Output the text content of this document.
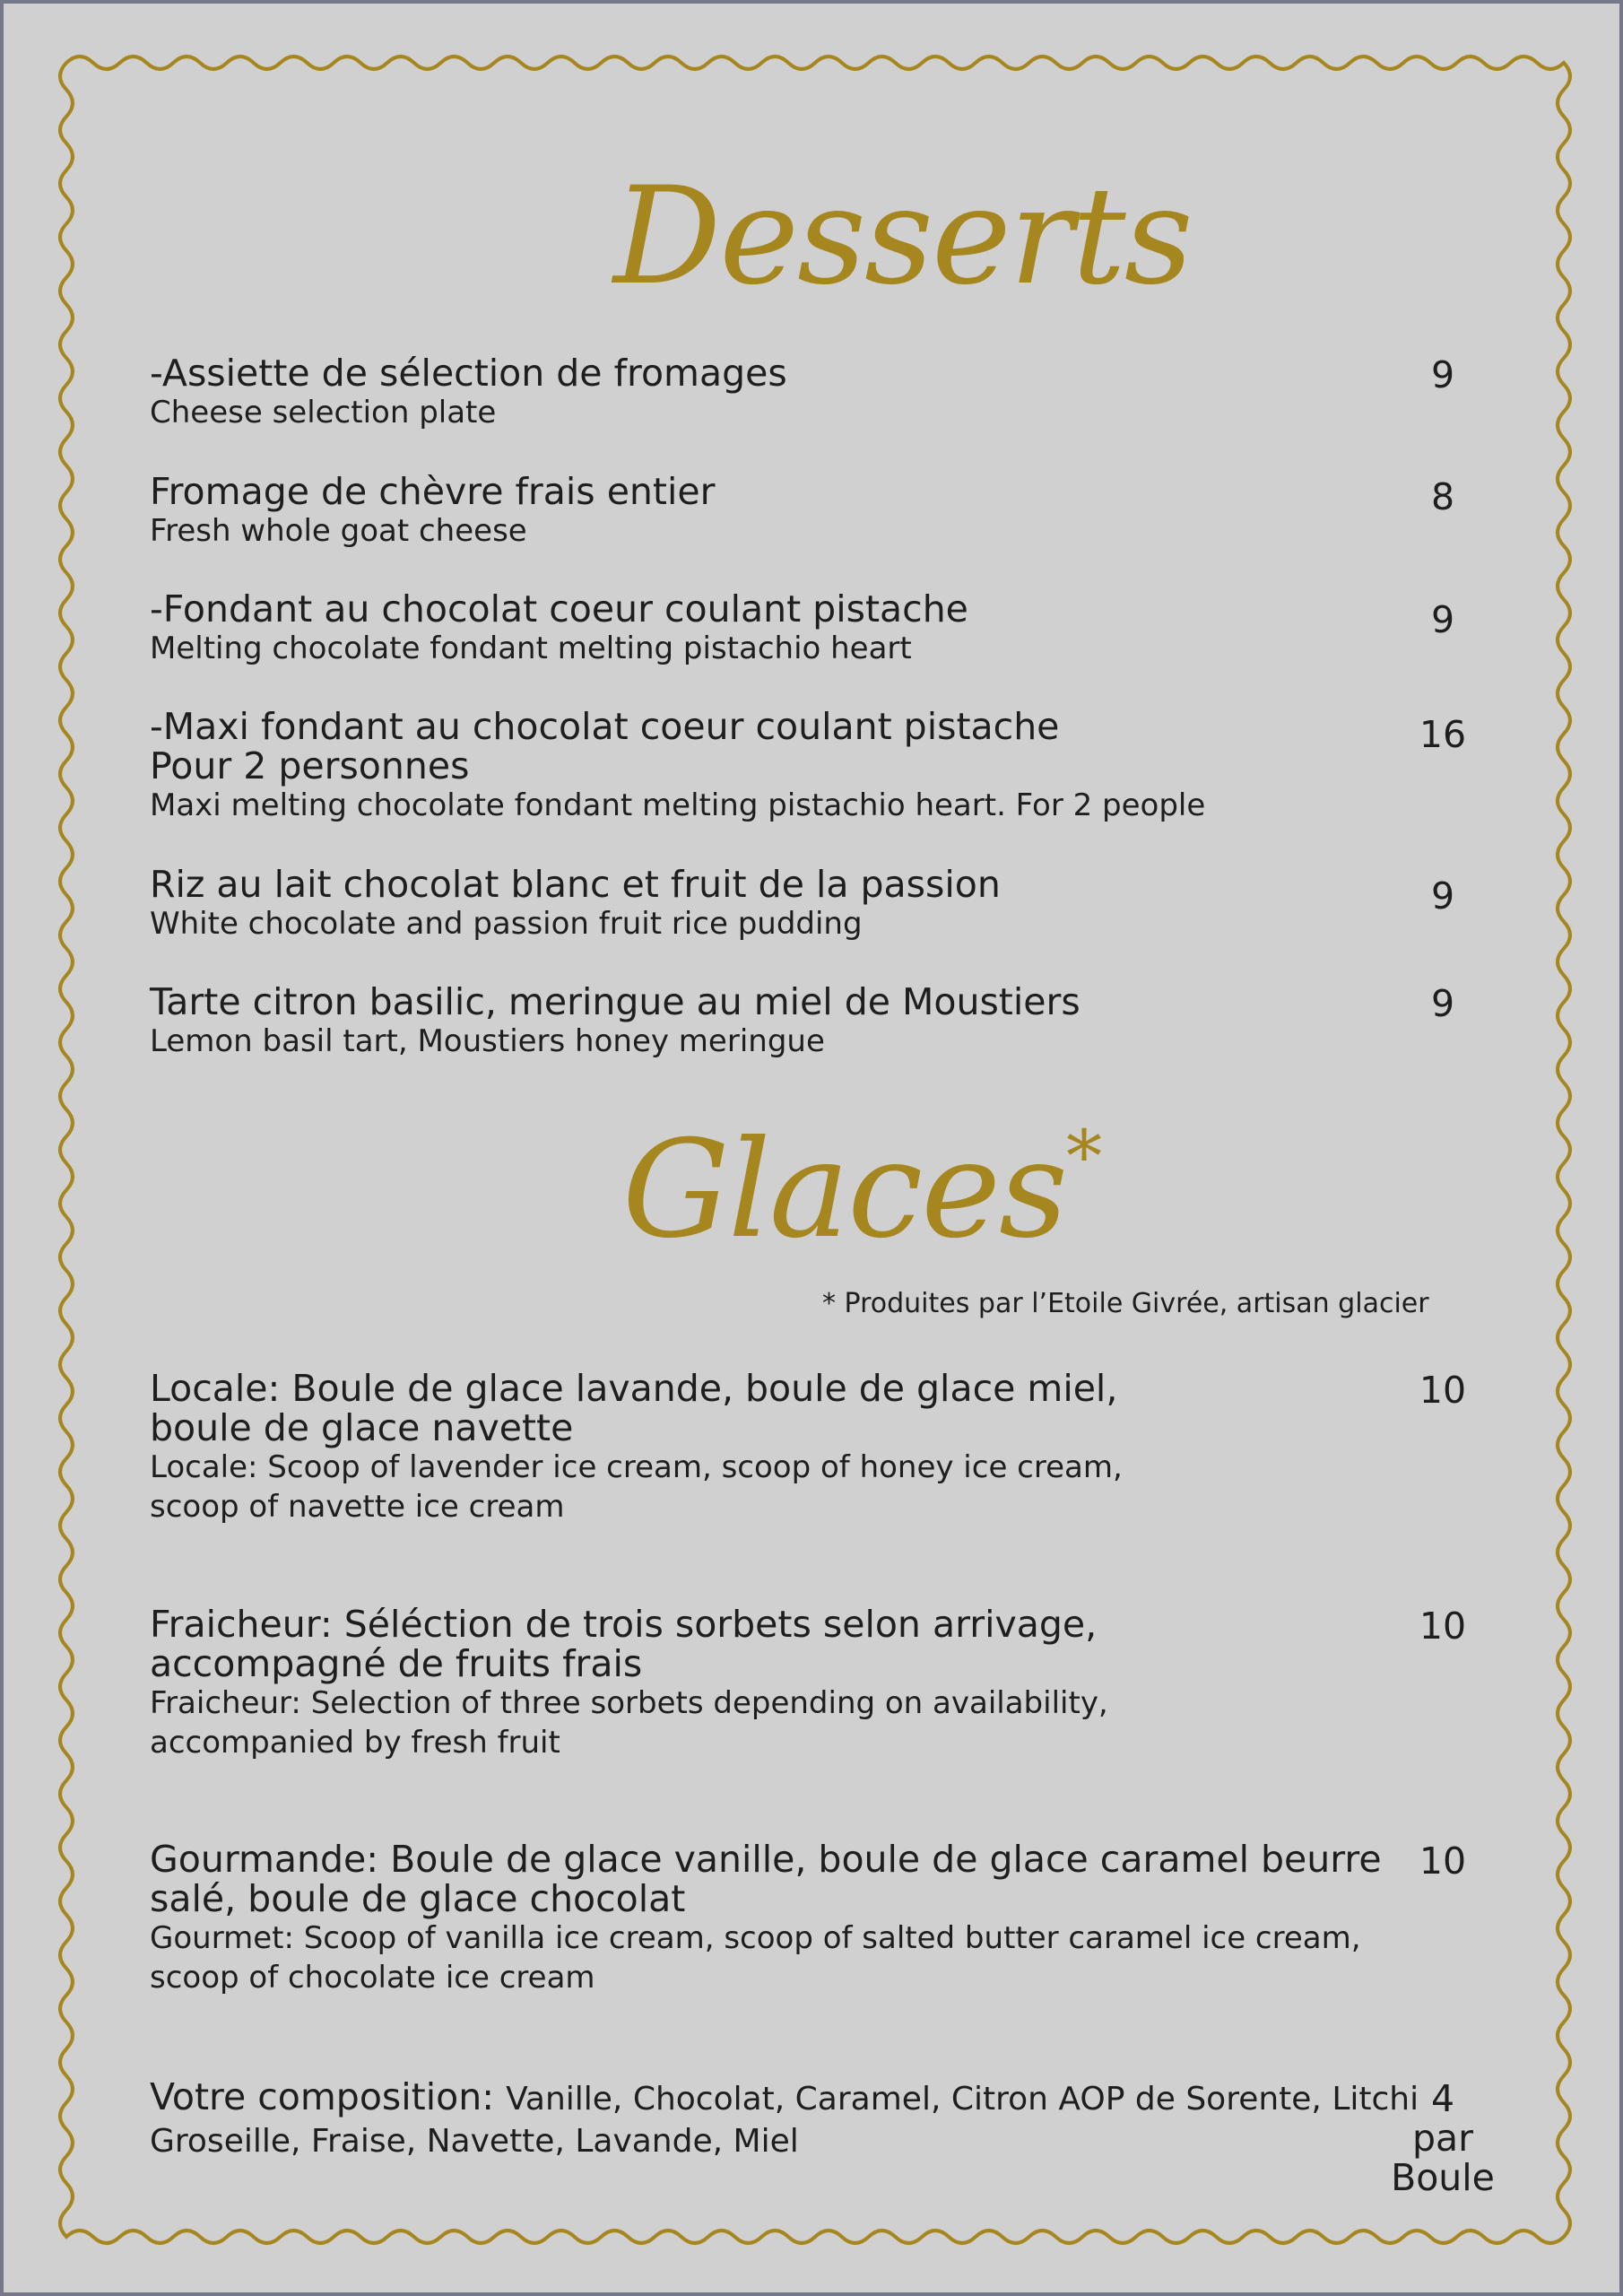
Desserts
-Assiette de sélection de fromages
Cheese selection plate
9
Fromage de chèvre frais entier
Fresh whole goat cheese
8
-Fondant au chocolat coeur coulant pistache
Melting chocolate fondant melting pistachio heart
9
-Maxi fondant au chocolat coeur coulant pistache
Pour 2 personnes
Maxi melting chocolate fondant melting pistachio heart. For 2 people
16
Riz au lait chocolat blanc et fruit de la passion
White chocolate and passion fruit rice pudding
9
Tarte citron basilic, meringue au miel de Moustiers
Lemon basil tart, Moustiers honey meringue
9
Glaces*
* Produites par l’Etoile Givrée, artisan glacier
Locale: Boule de glace lavande, boule de glace miel,
boule de glace navette
Locale: Scoop of lavender ice cream, scoop of honey ice cream,
scoop of navette ice cream
10
Fraicheur: Séléction de trois sorbets selon arrivage,
accompagné de fruits frais
Fraicheur: Selection of three sorbets depending on availability,
accompanied by fresh fruit
10
Gourmande: Boule de glace vanille, boule de glace caramel beurre
salé, boule de glace chocolat
Gourmet: Scoop of vanilla ice cream, scoop of salted butter caramel ice cream,
scoop of chocolate ice cream
10
Votre composition: Vanille, Chocolat, Caramel, Citron AOP de Sorente, Litchi
Groseille, Fraise, Navette, Lavande, Miel
4
par
Boule
